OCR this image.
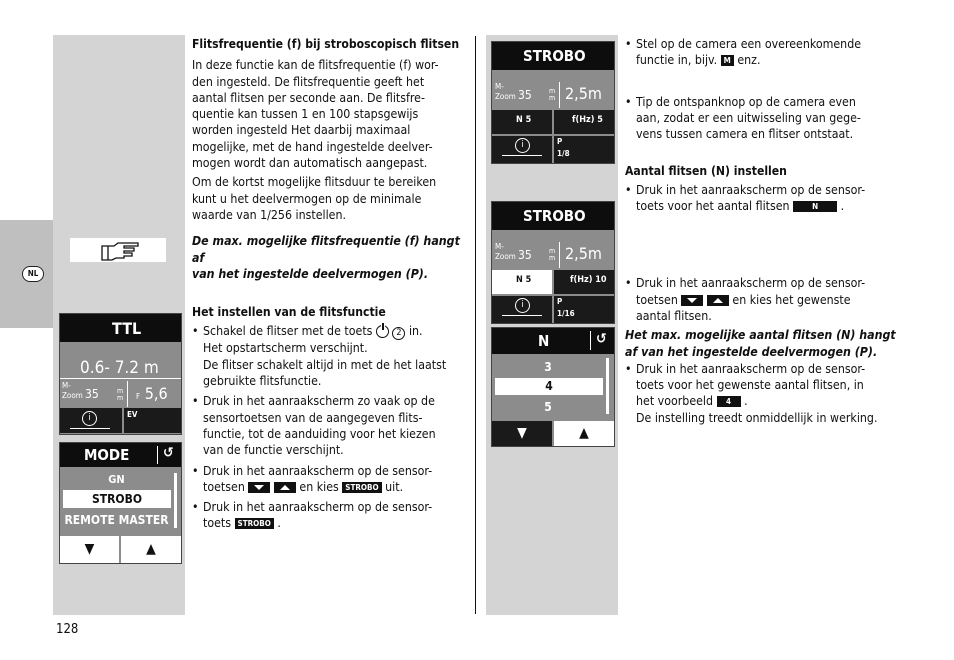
NL
TTL
0.6- 7.2 m
M-
Zoom 35	m
m F 5,6
i	EV
MODE ↺
GN
STROBO
REMOTE MASTER
▼	▲
128
Flitsfrequentie (f) bij stroboscopisch flitsen
In deze functie kan de flitsfrequentie (f) wor-
den ingesteld. De flitsfrequentie geeft het
aantal flitsen per seconde aan. De flitsfre-
quentie kan tussen 1 en 100 stapsgewijs
worden ingesteld Het daarbij maximaal
mogelijke, met de hand ingestelde deelver-
mogen wordt dan automatisch aangepast.
Om de kortst mogelijke flitsduur te bereiken
kunt u het deelvermogen op de minimale
waarde van 1/256 instellen.
De max. mogelijke flitsfrequentie (f) hangt af
van het ingestelde deelvermogen (P).
Het instellen van de flitsfunctie
• Schakel de flitser met de toets	2 in.
Het opstartscherm verschijnt.
De flitser schakelt altijd in met de het laatst
gebruikte flitsfunctie.
• Druk in het aanraakscherm zo vaak op de
sensortoetsen van de aangegeven flits-
functie, tot de aanduiding voor het kiezen
van de functie verschijnt.
• Druk in het aanraakscherm op de sensor-
toetsen	en kies STROBO uit.
• Druk in het aanraakscherm op de sensor-
toets STROBO .
STROBO
M-
Zoom 35 m
m 2,5m
N 5	f(Hz) 5
i	P
1/8
STROBO
M-
Zoom 35 m
m 2,5m
N 5	f(Hz) 10
i	P
1/16
N	↺
3
4
5
▼	▲
• Stel op de camera een overeenkomende
functie in, bijv. M enz.
• Tip de ontspanknop op de camera even
aan, zodat er een uitwisseling van gege-
vens tussen camera en flitser ontstaat.
Aantal flitsen (N) instellen
• Druk in het aanraakscherm op de sensor-
toets voor het aantal flitsen	N .
• Druk in het aanraakscherm op de sensor-
toetsen	en kies het gewenste
aantal flitsen.
Het max. mogelijke aantal flitsen (N) hangt
af van het ingestelde deelvermogen (P).
• Druk in het aanraakscherm op de sensor-
toets voor het gewenste aantal flitsen, in
het voorbeeld 4 .
De instelling treedt onmiddellijk in werking.
